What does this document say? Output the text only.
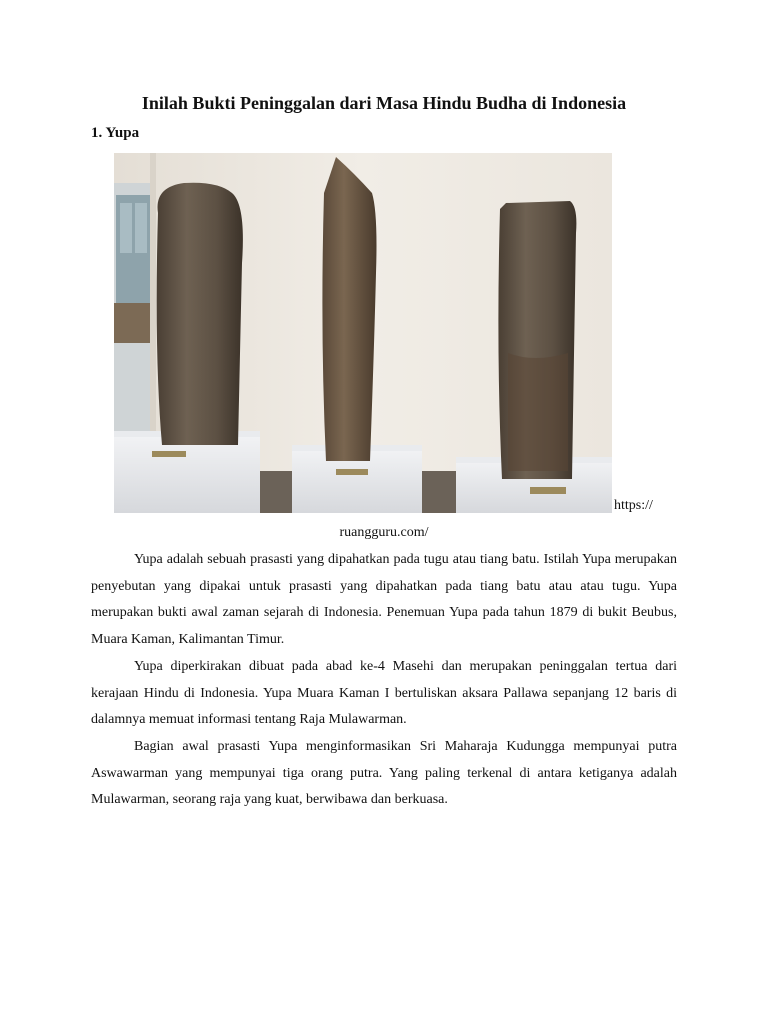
Inilah Bukti Peninggalan dari Masa Hindu Budha di Indonesia
1. Yupa
https://
ruangguru.com/

Yupa adalah sebuah prasasti yang dipahatkan pada tugu atau tiang batu. Istilah Yupa merupakan penyebutan yang dipakai untuk prasasti yang dipahatkan pada tiang batu atau atau tugu. Yupa merupakan bukti awal zaman sejarah di Indonesia. Penemuan Yupa pada tahun 1879 di bukit Beubus, Muara Kaman, Kalimantan Timur.

Yupa diperkirakan dibuat pada abad ke-4 Masehi dan merupakan peninggalan tertua dari kerajaan Hindu di Indonesia. Yupa Muara Kaman I bertuliskan aksara Pallawa sepanjang 12 baris di dalamnya memuat informasi tentang Raja Mulawarman.

Bagian awal prasasti Yupa menginformasikan Sri Maharaja Kudungga mempunyai putra Aswawarman yang mempunyai tiga orang putra. Yang paling terkenal di antara ketiganya adalah Mulawarman, seorang raja yang kuat, berwibawa dan berkuasa.
